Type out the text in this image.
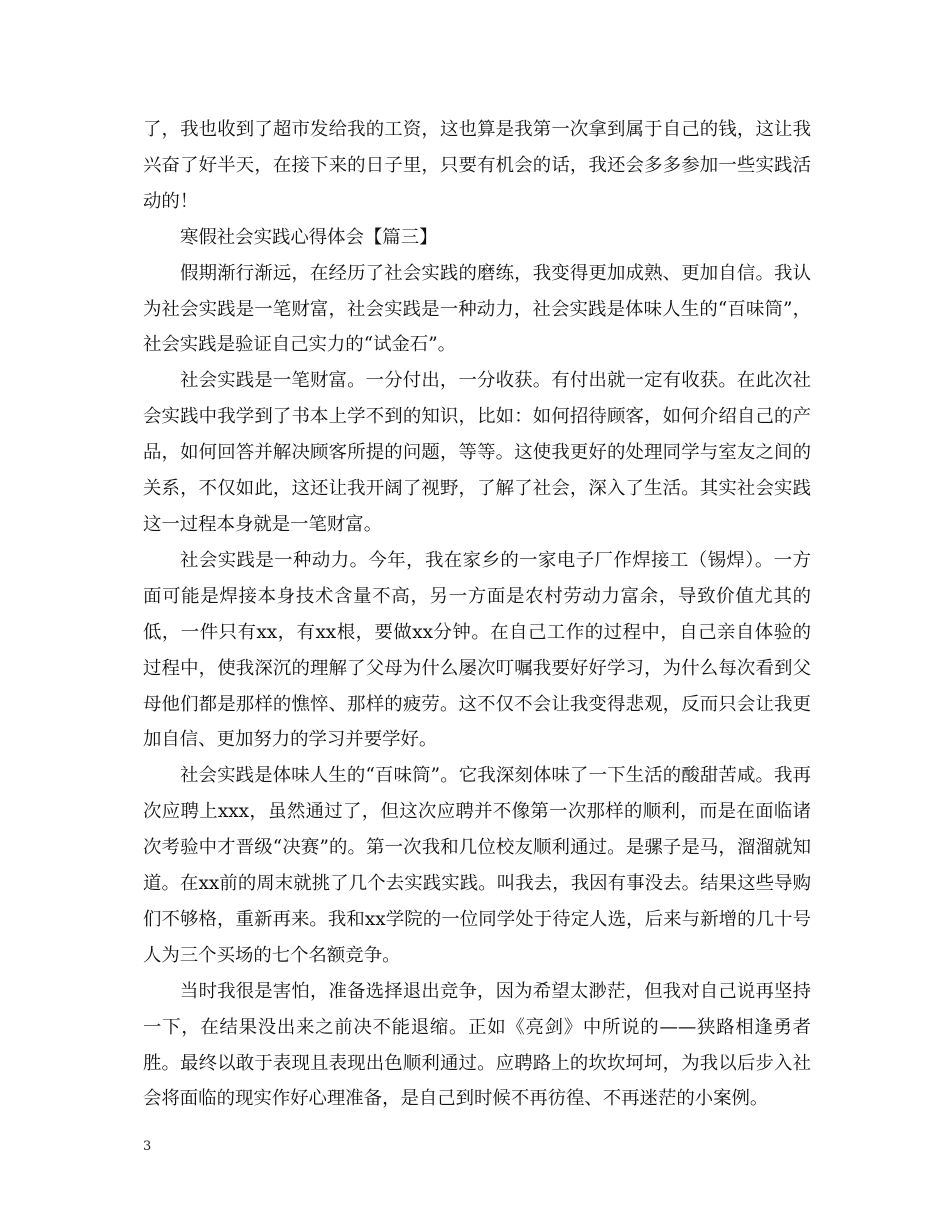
了，我也收到了超市发给我的工资，这也算是我第一次拿到属于自己的钱，这让我兴奋了好半天，在接下来的日子里，只要有机会的话，我还会多多参加一些实践活动的！

寒假社会实践心得体会【篇三】

假期渐行渐远，在经历了社会实践的磨练，我变得更加成熟、更加自信。我认为社会实践是一笔财富，社会实践是一种动力，社会实践是体味人生的“百味筒”，社会实践是验证自己实力的“试金石”。

社会实践是一笔财富。一分付出，一分收获。有付出就一定有收获。在此次社会实践中我学到了书本上学不到的知识，比如：如何招待顾客，如何介绍自己的产品，如何回答并解决顾客所提的问题，等等。这使我更好的处理同学与室友之间的关系，不仅如此，这还让我开阔了视野，了解了社会，深入了生活。其实社会实践这一过程本身就是一笔财富。

社会实践是一种动力。今年，我在家乡的一家电子厂作焊接工（锡焊）。一方面可能是焊接本身技术含量不高，另一方面是农村劳动力富余，导致价值尤其的低，一件只有xx，有xx根，要做xx分钟。在自己工作的过程中，自己亲自体验的过程中，使我深沉的理解了父母为什么屡次叮嘱我要好好学习，为什么每次看到父母他们都是那样的憔悴、那样的疲劳。这不仅不会让我变得悲观，反而只会让我更加自信、更加努力的学习并要学好。

社会实践是体味人生的“百味筒”。它我深刻体味了一下生活的酸甜苦咸。我再次应聘上xxx，虽然通过了，但这次应聘并不像第一次那样的顺利，而是在面临诸次考验中才晋级“决赛”的。第一次我和几位校友顺利通过。是骡子是马，溜溜就知道。在xx前的周末就挑了几个去实践实践。叫我去，我因有事没去。结果这些导购们不够格，重新再来。我和xx学院的一位同学处于待定人选，后来与新增的几十号人为三个买场的七个名额竞争。

当时我很是害怕，准备选择退出竞争，因为希望太渺茫，但我对自己说再坚持一下，在结果没出来之前决不能退缩。正如《亮剑》中所说的——狭路相逢勇者胜。最终以敢于表现且表现出色顺利通过。应聘路上的坎坎坷坷，为我以后步入社会将面临的现实作好心理准备，是自己到时候不再彷徨、不再迷茫的小案例。

3
